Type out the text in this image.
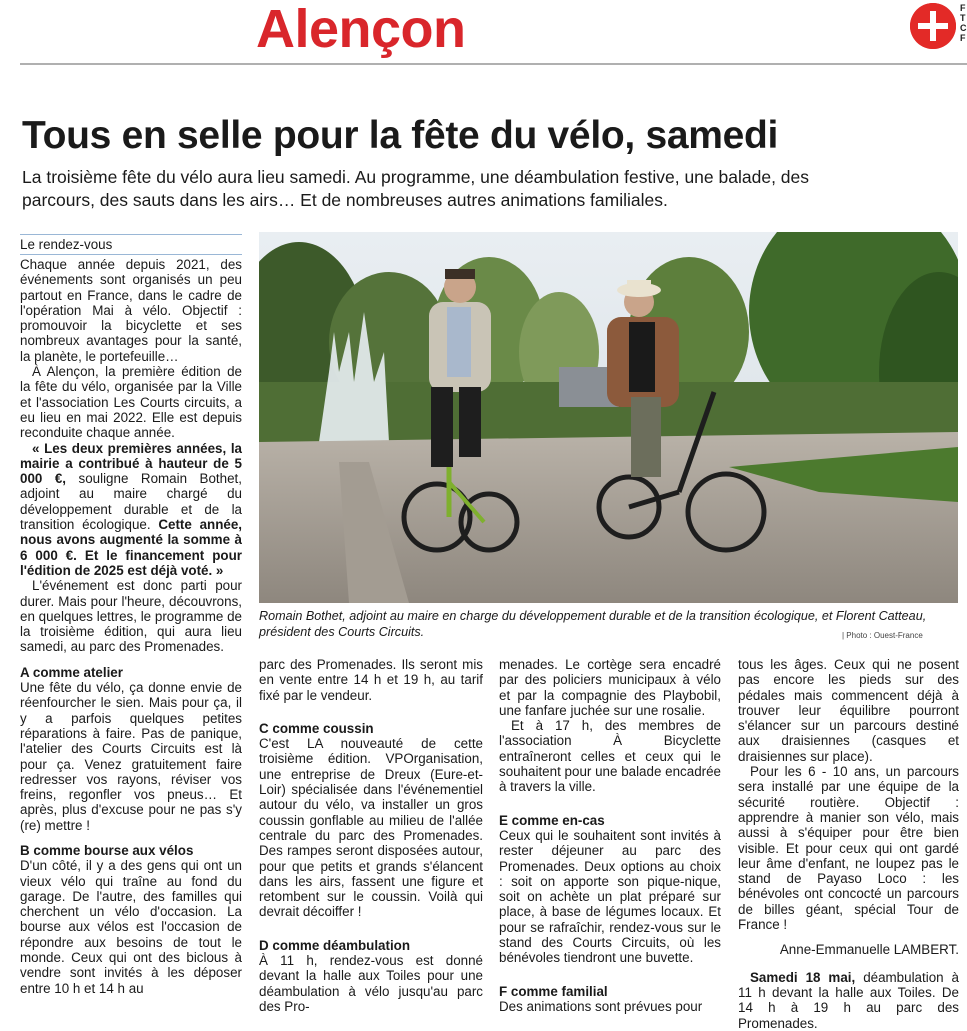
Alençon	F T C F
Tous en selle pour la fête du vélo, samedi
La troisième fête du vélo aura lieu samedi. Au programme, une déambulation festive, une balade, des parcours, des sauts dans les airs… Et de nombreuses autres animations familiales.
Le rendez-vous

Chaque année depuis 2021, des événements sont organisés un peu partout en France, dans le cadre de l'opération Mai à vélo. Objectif : promouvoir la bicyclette et ses nombreux avantages pour la santé, la planète, le portefeuille…

À Alençon, la première édition de la fête du vélo, organisée par la Ville et l'association Les Courts circuits, a eu lieu en mai 2022. Elle est depuis reconduite chaque année.

« Les deux premières années, la mairie a contribué à hauteur de 5 000 €, souligne Romain Bothet, adjoint au maire chargé du développement durable et de la transition écologique. Cette année, nous avons augmenté la somme à 6 000 €. Et le financement pour l'édition de 2025 est déjà voté. »

L'événement est donc parti pour durer. Mais pour l'heure, découvrons, en quelques lettres, le programme de la troisième édition, qui aura lieu samedi, au parc des Promenades.

A comme atelier

Une fête du vélo, ça donne envie de réenfourcher le sien. Mais pour ça, il y a parfois quelques petites réparations à faire. Pas de panique, l'atelier des Courts Circuits est là pour ça. Venez gratuitement faire redresser vos rayons, réviser vos freins, regonfler vos pneus… Et après, plus d'excuse pour ne pas s'y (re) mettre !

B comme bourse aux vélos

D'un côté, il y a des gens qui ont un vieux vélo qui traîne au fond du garage. De l'autre, des familles qui cherchent un vélo d'occasion. La bourse aux vélos est l'occasion de répondre aux besoins de tout le monde. Ceux qui ont des biclous à vendre sont invités à les déposer entre 10 h et 14 h au

Romain Bothet, adjoint au maire en charge du développement durable et de la transition écologique, et Florent Catteau, président des Courts Circuits.	| Photo : Ouest-France

parc des Promenades. Ils seront mis en vente entre 14 h et 19 h, au tarif fixé par le vendeur.

C comme coussin

C'est LA nouveauté de cette troisième édition. VPOrganisation, une entreprise de Dreux (Eure-et-Loir) spécialisée dans l'événementiel autour du vélo, va installer un gros coussin gonflable au milieu de l'allée centrale du parc des Promenades. Des rampes seront disposées autour, pour que petits et grands s'élancent dans les airs, fassent une figure et retombent sur le coussin. Voilà qui devrait décoiffer !

D comme déambulation

À 11 h, rendez-vous est donné devant la halle aux Toiles pour une déambulation à vélo jusqu'au parc des Pro-

menades. Le cortège sera encadré par des policiers municipaux à vélo et par la compagnie des Playbobil, une fanfare juchée sur une rosalie.

Et à 17 h, des membres de l'association À Bicyclette entraîneront celles et ceux qui le souhaitent pour une balade encadrée à travers la ville.

E comme en-cas

Ceux qui le souhaitent sont invités à rester déjeuner au parc des Promenades. Deux options au choix : soit on apporte son pique-nique, soit on achète un plat préparé sur place, à base de légumes locaux. Et pour se rafraîchir, rendez-vous sur le stand des Courts Circuits, où les bénévoles tiendront une buvette.

F comme familial

Des animations sont prévues pour

tous les âges. Ceux qui ne posent pas encore les pieds sur des pédales mais commencent déjà à trouver leur équilibre pourront s'élancer sur un parcours destiné aux draisiennes (casques et draisiennes sur place).

Pour les 6 - 10 ans, un parcours sera installé par une équipe de la sécurité routière. Objectif : apprendre à manier son vélo, mais aussi à s'équiper pour être bien visible. Et pour ceux qui ont gardé leur âme d'enfant, ne loupez pas le stand de Payaso Loco : les bénévoles ont concocté un parcours de billes géant, spécial Tour de France !

Anne-Emmanuelle LAMBERT.

Samedi 18 mai, déambulation à 11 h devant la halle aux Toiles. De 14 h à 19 h au parc des Promenades.
